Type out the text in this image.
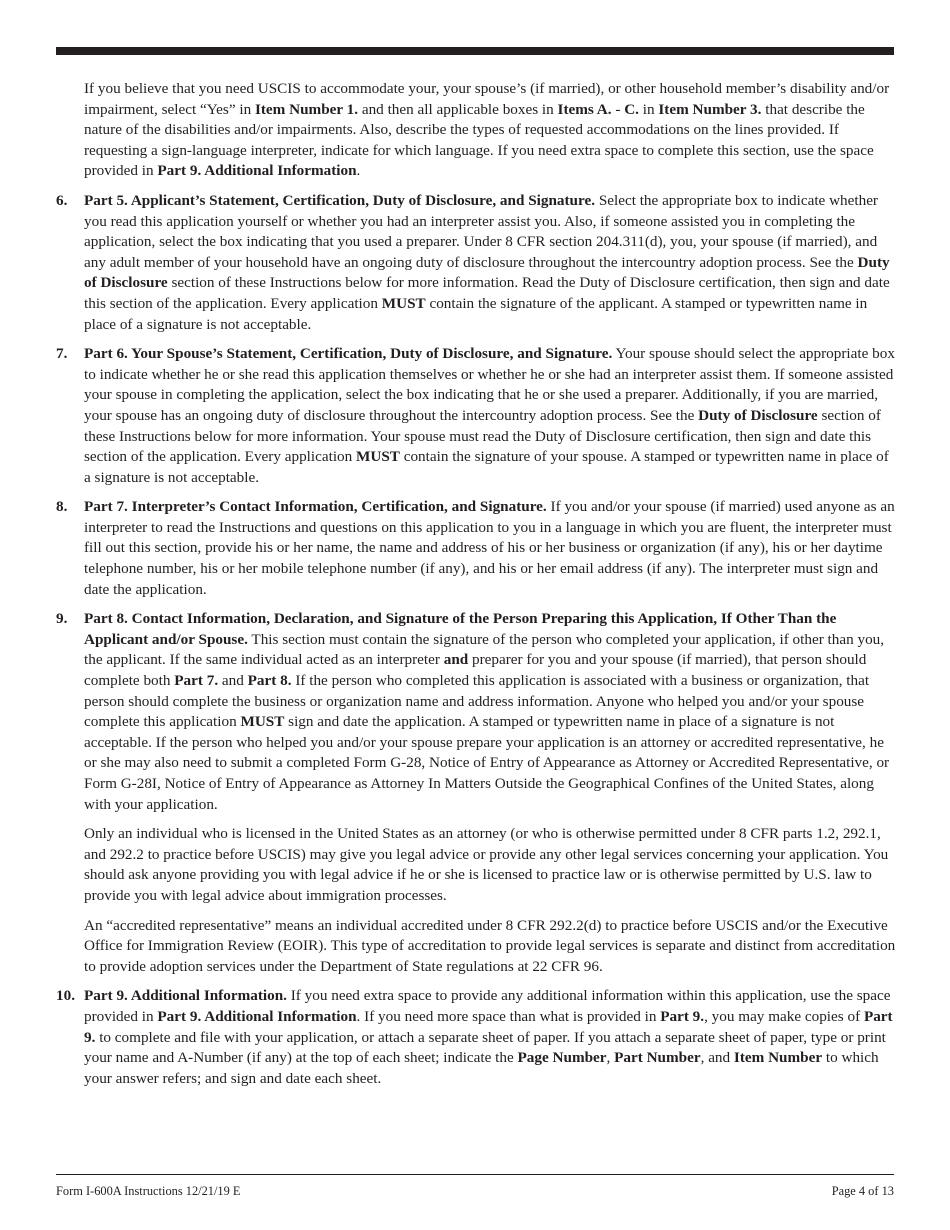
If you believe that you need USCIS to accommodate your, your spouse’s (if married), or other household member’s disability and/or impairment, select “Yes” in Item Number 1. and then all applicable boxes in Items A. - C. in Item Number 3. that describe the nature of the disabilities and/or impairments. Also, describe the types of requested accommodations on the lines provided. If requesting a sign-language interpreter, indicate for which language. If you need extra space to complete this section, use the space provided in Part 9. Additional Information.

6. Part 5. Applicant’s Statement, Certification, Duty of Disclosure, and Signature. Select the appropriate box to indicate whether you read this application yourself or whether you had an interpreter assist you. Also, if someone assisted you in completing the application, select the box indicating that you used a preparer. Under 8 CFR section 204.311(d), you, your spouse (if married), and any adult member of your household have an ongoing duty of disclosure throughout the intercountry adoption process. See the Duty of Disclosure section of these Instructions below for more information. Read the Duty of Disclosure certification, then sign and date this section of the application. Every application MUST contain the signature of the applicant. A stamped or typewritten name in place of a signature is not acceptable.
7. Part 6. Your Spouse’s Statement, Certification, Duty of Disclosure, and Signature. Your spouse should select the appropriate box to indicate whether he or she read this application themselves or whether he or she had an interpreter assist them. If someone assisted your spouse in completing the application, select the box indicating that he or she used a preparer. Additionally, if you are married, your spouse has an ongoing duty of disclosure throughout the intercountry adoption process. See the Duty of Disclosure section of these Instructions below for more information. Your spouse must read the Duty of Disclosure certification, then sign and date this section of the application. Every application MUST contain the signature of your spouse. A stamped or typewritten name in place of a signature is not acceptable.
8. Part 7. Interpreter’s Contact Information, Certification, and Signature. If you and/or your spouse (if married) used anyone as an interpreter to read the Instructions and questions on this application to you in a language in which you are fluent, the interpreter must fill out this section, provide his or her name, the name and address of his or her business or organization (if any), his or her daytime telephone number, his or her mobile telephone number (if any), and his or her email address (if any). The interpreter must sign and date the application.
9. Part 8. Contact Information, Declaration, and Signature of the Person Preparing this Application, If Other Than the Applicant and/or Spouse. This section must contain the signature of the person who completed your application, if other than you, the applicant. If the same individual acted as an interpreter and preparer for you and your spouse (if married), that person should complete both Part 7. and Part 8. If the person who completed this application is associated with a business or organization, that person should complete the business or organization name and address information. Anyone who helped you and/or your spouse complete this application MUST sign and date the application. A stamped or typewritten name in place of a signature is not acceptable. If the person who helped you and/or your spouse prepare your application is an attorney or accredited representative, he or she may also need to submit a completed Form G-28, Notice of Entry of Appearance as Attorney or Accredited Representative, or Form G-28I, Notice of Entry of Appearance as Attorney In Matters Outside the Geographical Confines of the United States, along with your application.
Only an individual who is licensed in the United States as an attorney (or who is otherwise permitted under 8 CFR parts 1.2, 292.1, and 292.2 to practice before USCIS) may give you legal advice or provide any other legal services concerning your application. You should ask anyone providing you with legal advice if he or she is licensed to practice law or is otherwise permitted by U.S. law to provide you with legal advice about immigration processes.
An “accredited representative” means an individual accredited under 8 CFR 292.2(d) to practice before USCIS and/or the Executive Office for Immigration Review (EOIR). This type of accreditation to provide legal services is separate and distinct from accreditation to provide adoption services under the Department of State regulations at 22 CFR 96.
10. Part 9. Additional Information. If you need extra space to provide any additional information within this application, use the space provided in Part 9. Additional Information. If you need more space than what is provided in Part 9., you may make copies of Part 9. to complete and file with your application, or attach a separate sheet of paper. If you attach a separate sheet of paper, type or print your name and A-Number (if any) at the top of each sheet; indicate the Page Number, Part Number, and Item Number to which your answer refers; and sign and date each sheet.
Form I-600A Instructions 12/21/19 E	Page 4 of 13
